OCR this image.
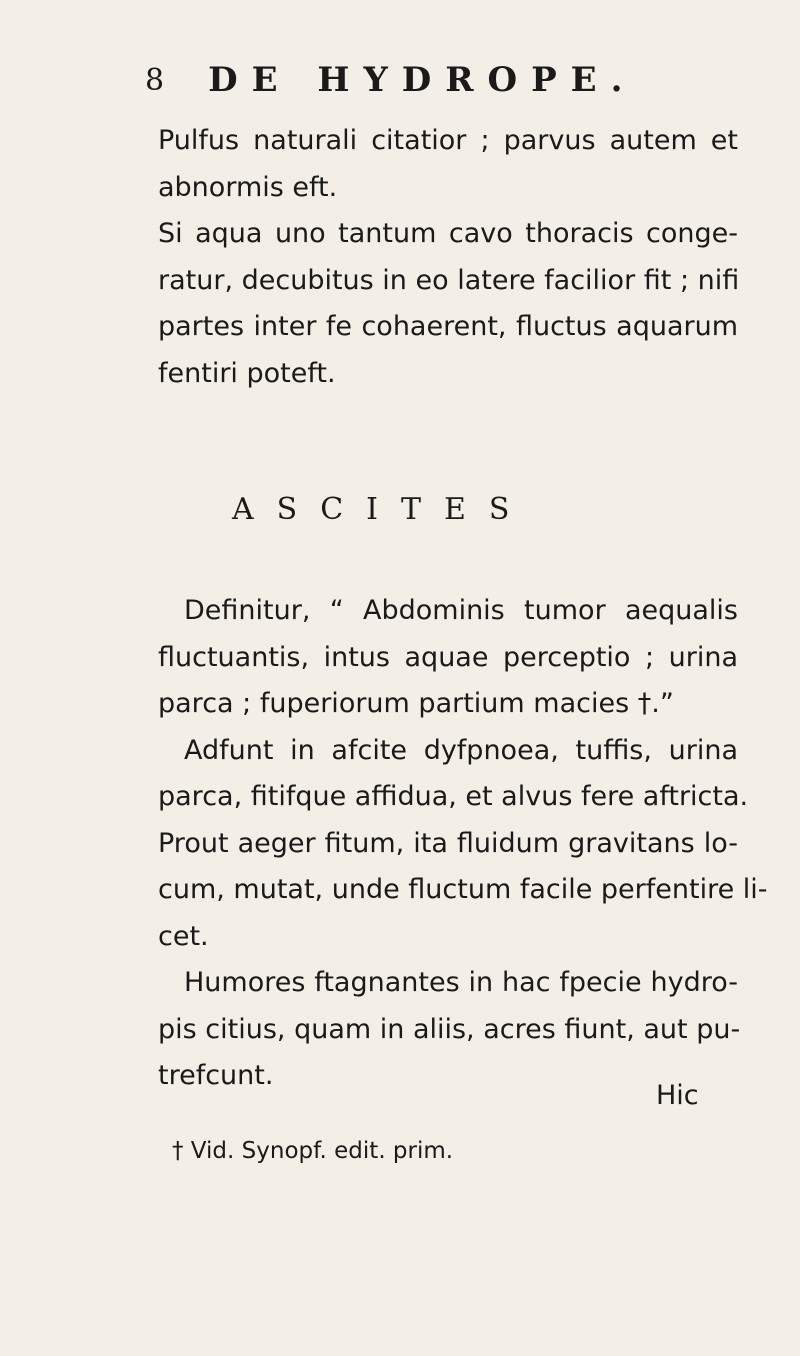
8 DE HYDROPE.
Pulfus naturali citatior ; parvus autem et
abnormis eft.
Si aqua uno tantum cavo thoracis conge-
ratur, decubitus in eo latere facilior fit ; nifi
partes inter fe cohaerent, fluctus aquarum
fentiri poteft.
ASCITES
Definitur, “ Abdominis tumor aequalis
fluctuantis, intus aquae perceptio ; urina
parca ; fuperiorum partium macies †.”
Adfunt in afcite dyfpnoea, tuffis, urina
parca, fitifque affidua, et alvus fere aftricta.
Prout aeger fitum, ita fluidum gravitans lo-
cum, mutat, unde fluctum facile perfentire li-
cet.
Humores ftagnantes in hac fpecie hydro-
pis citius, quam in aliis, acres fiunt, aut pu-
trefcunt.
Hic
† Vid. Synopf. edit. prim.
